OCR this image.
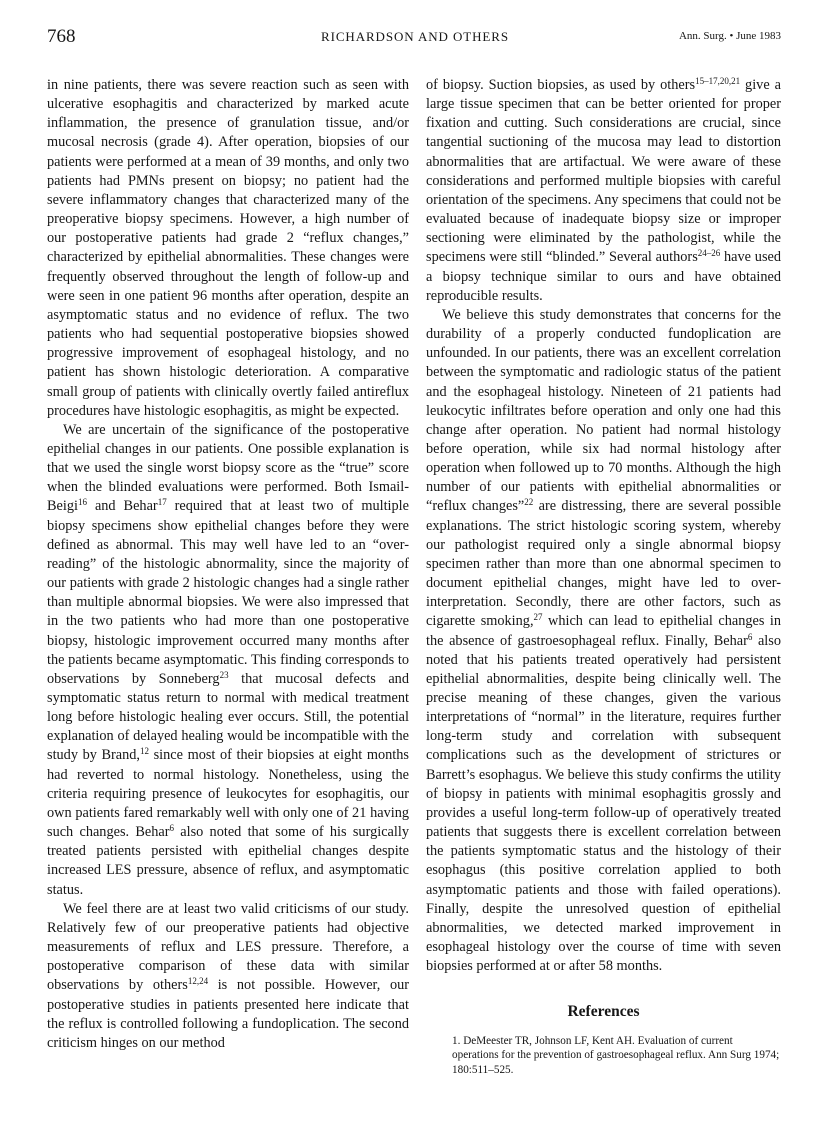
768	RICHARDSON AND OTHERS	Ann. Surg. • June 1983

in nine patients, there was severe reaction such as seen with ulcerative esophagitis and characterized by marked acute inflammation, the presence of granulation tissue, and/or mucosal necrosis (grade 4). After operation, biopsies of our patients were performed at a mean of 39 months, and only two patients had PMNs present on biopsy; no patient had the severe inflammatory changes that characterized many of the preoperative biopsy specimens. However, a high number of our postoperative patients had grade 2 “reflux changes,” characterized by epithelial abnormalities. These changes were frequently observed throughout the length of follow-up and were seen in one patient 96 months after operation, despite an asymptomatic status and no evidence of reflux. The two patients who had sequential postoperative biopsies showed progressive improvement of esophageal histology, and no patient has shown histologic deterioration. A comparative small group of patients with clinically overtly failed antireflux procedures have histologic esophagitis, as might be expected.

We are uncertain of the significance of the postoperative epithelial changes in our patients. One possible explanation is that we used the single worst biopsy score as the “true” score when the blinded evaluations were performed. Both Ismail-Beigi$^{16}$ and Behar$^{17}$ required that at least two of multiple biopsy specimens show epithelial changes before they were defined as abnormal. This may well have led to an “over-reading” of the histologic abnormality, since the majority of our patients with grade 2 histologic changes had a single rather than multiple abnormal biopsies. We were also impressed that in the two patients who had more than one postoperative biopsy, histologic improvement occurred many months after the patients became asymptomatic. This finding corresponds to observations by Sonneberg$^{23}$ that mucosal defects and symptomatic status return to normal with medical treatment long before histologic healing ever occurs. Still, the potential explanation of delayed healing would be incompatible with the study by Brand,$^{12}$ since most of their biopsies at eight months had reverted to normal histology. Nonetheless, using the criteria requiring presence of leukocytes for esophagitis, our own patients fared remarkably well with only one of 21 having such changes. Behar$^6$ also noted that some of his surgically treated patients persisted with epithelial changes despite increased LES pressure, absence of reflux, and asymptomatic status.

We feel there are at least two valid criticisms of our study. Relatively few of our preoperative patients had objective measurements of reflux and LES pressure. Therefore, a postoperative comparison of these data with similar observations by others$^{12,24}$ is not possible. However, our postoperative studies in patients presented here indicate that the reflux is controlled following a fundoplication. The second criticism hinges on our method

of biopsy. Suction biopsies, as used by others$^{15-17,20,21}$ give a large tissue specimen that can be better oriented for proper fixation and cutting. Such considerations are crucial, since tangential suctioning of the mucosa may lead to distortion abnormalities that are artifactual. We were aware of these considerations and performed multiple biopsies with careful orientation of the specimens. Any specimens that could not be evaluated because of inadequate biopsy size or improper sectioning were eliminated by the pathologist, while the specimens were still “blinded.” Several authors$^{24-26}$ have used a biopsy technique similar to ours and have obtained reproducible results.

We believe this study demonstrates that concerns for the durability of a properly conducted fundoplication are unfounded. In our patients, there was an excellent correlation between the symptomatic and radiologic status of the patient and the esophageal histology. Nineteen of 21 patients had leukocytic infiltrates before operation and only one had this change after operation. No patient had normal histology before operation, while six had normal histology after operation when followed up to 70 months. Although the high number of our patients with epithelial abnormalities or “reflux changes”$^{22}$ are distressing, there are several possible explanations. The strict histologic scoring system, whereby our pathologist required only a single abnormal biopsy specimen rather than more than one abnormal specimen to document epithelial changes, might have led to over-interpretation. Secondly, there are other factors, such as cigarette smoking,$^{27}$ which can lead to epithelial changes in the absence of gastroesophageal reflux. Finally, Behar$^6$ also noted that his patients treated operatively had persistent epithelial abnormalities, despite being clinically well. The precise meaning of these changes, given the various interpretations of “normal” in the literature, requires further long-term study and correlation with subsequent complications such as the development of strictures or Barrett’s esophagus. We believe this study confirms the utility of biopsy in patients with minimal esophagitis grossly and provides a useful long-term follow-up of operatively treated patients that suggests there is excellent correlation between the patients symptomatic status and the histology of their esophagus (this positive correlation applied to both asymptomatic patients and those with failed operations). Finally, despite the unresolved question of epithelial abnormalities, we detected marked improvement in esophageal histology over the course of time with seven biopsies performed at or after 58 months.

References

1. DeMeester TR, Johnson LF, Kent AH. Evaluation of current operations for the prevention of gastroesophageal reflux. Ann Surg 1974; 180:511–525.
